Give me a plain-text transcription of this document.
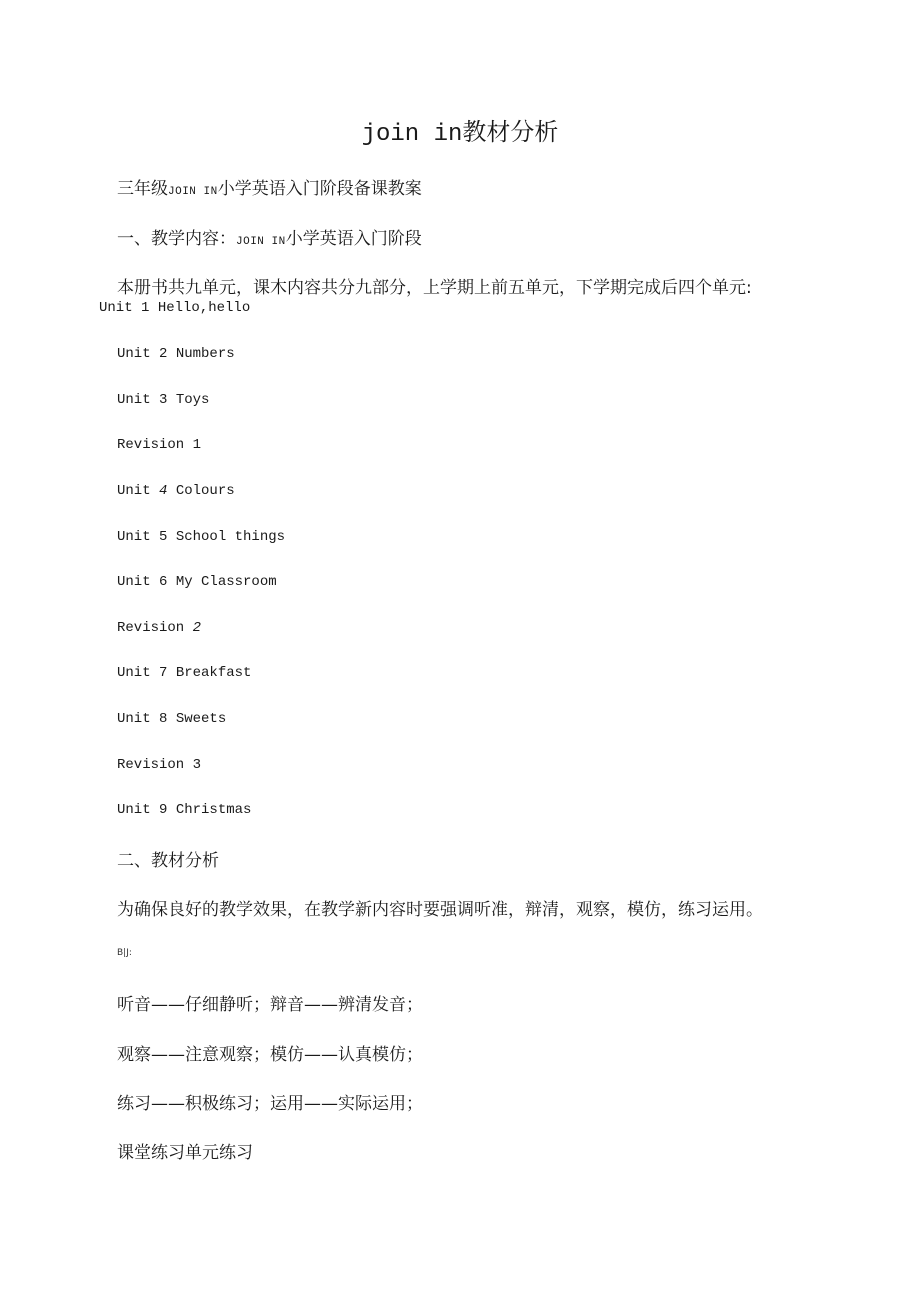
join in教材分析
三年级JOIN IN小学英语入门阶段备课教案
一、教学内容：JOIN IN小学英语入门阶段
本册书共九单元，课木内容共分九部分，上学期上前五单元，下学期完成后四个单元:
Unit 1 Hello,hello
Unit 2 Numbers
Unit 3 Toys
Revision 1
Unit 4 Colours
Unit 5 School things
Unit 6 My Classroom
Revision 2
Unit 7 Breakfast
Unit 8 Sweets
Revision 3
Unit 9 Christmas
二、教材分析
为确保良好的教学效果，在教学新内容时要强调听准，辩清，观察，模仿，练习运用。
B|J:
听音——仔细静听；辩音——辨清发音；
观察——注意观察；模仿——认真模仿；
练习——积极练习；运用——实际运用；
课堂练习单元练习
